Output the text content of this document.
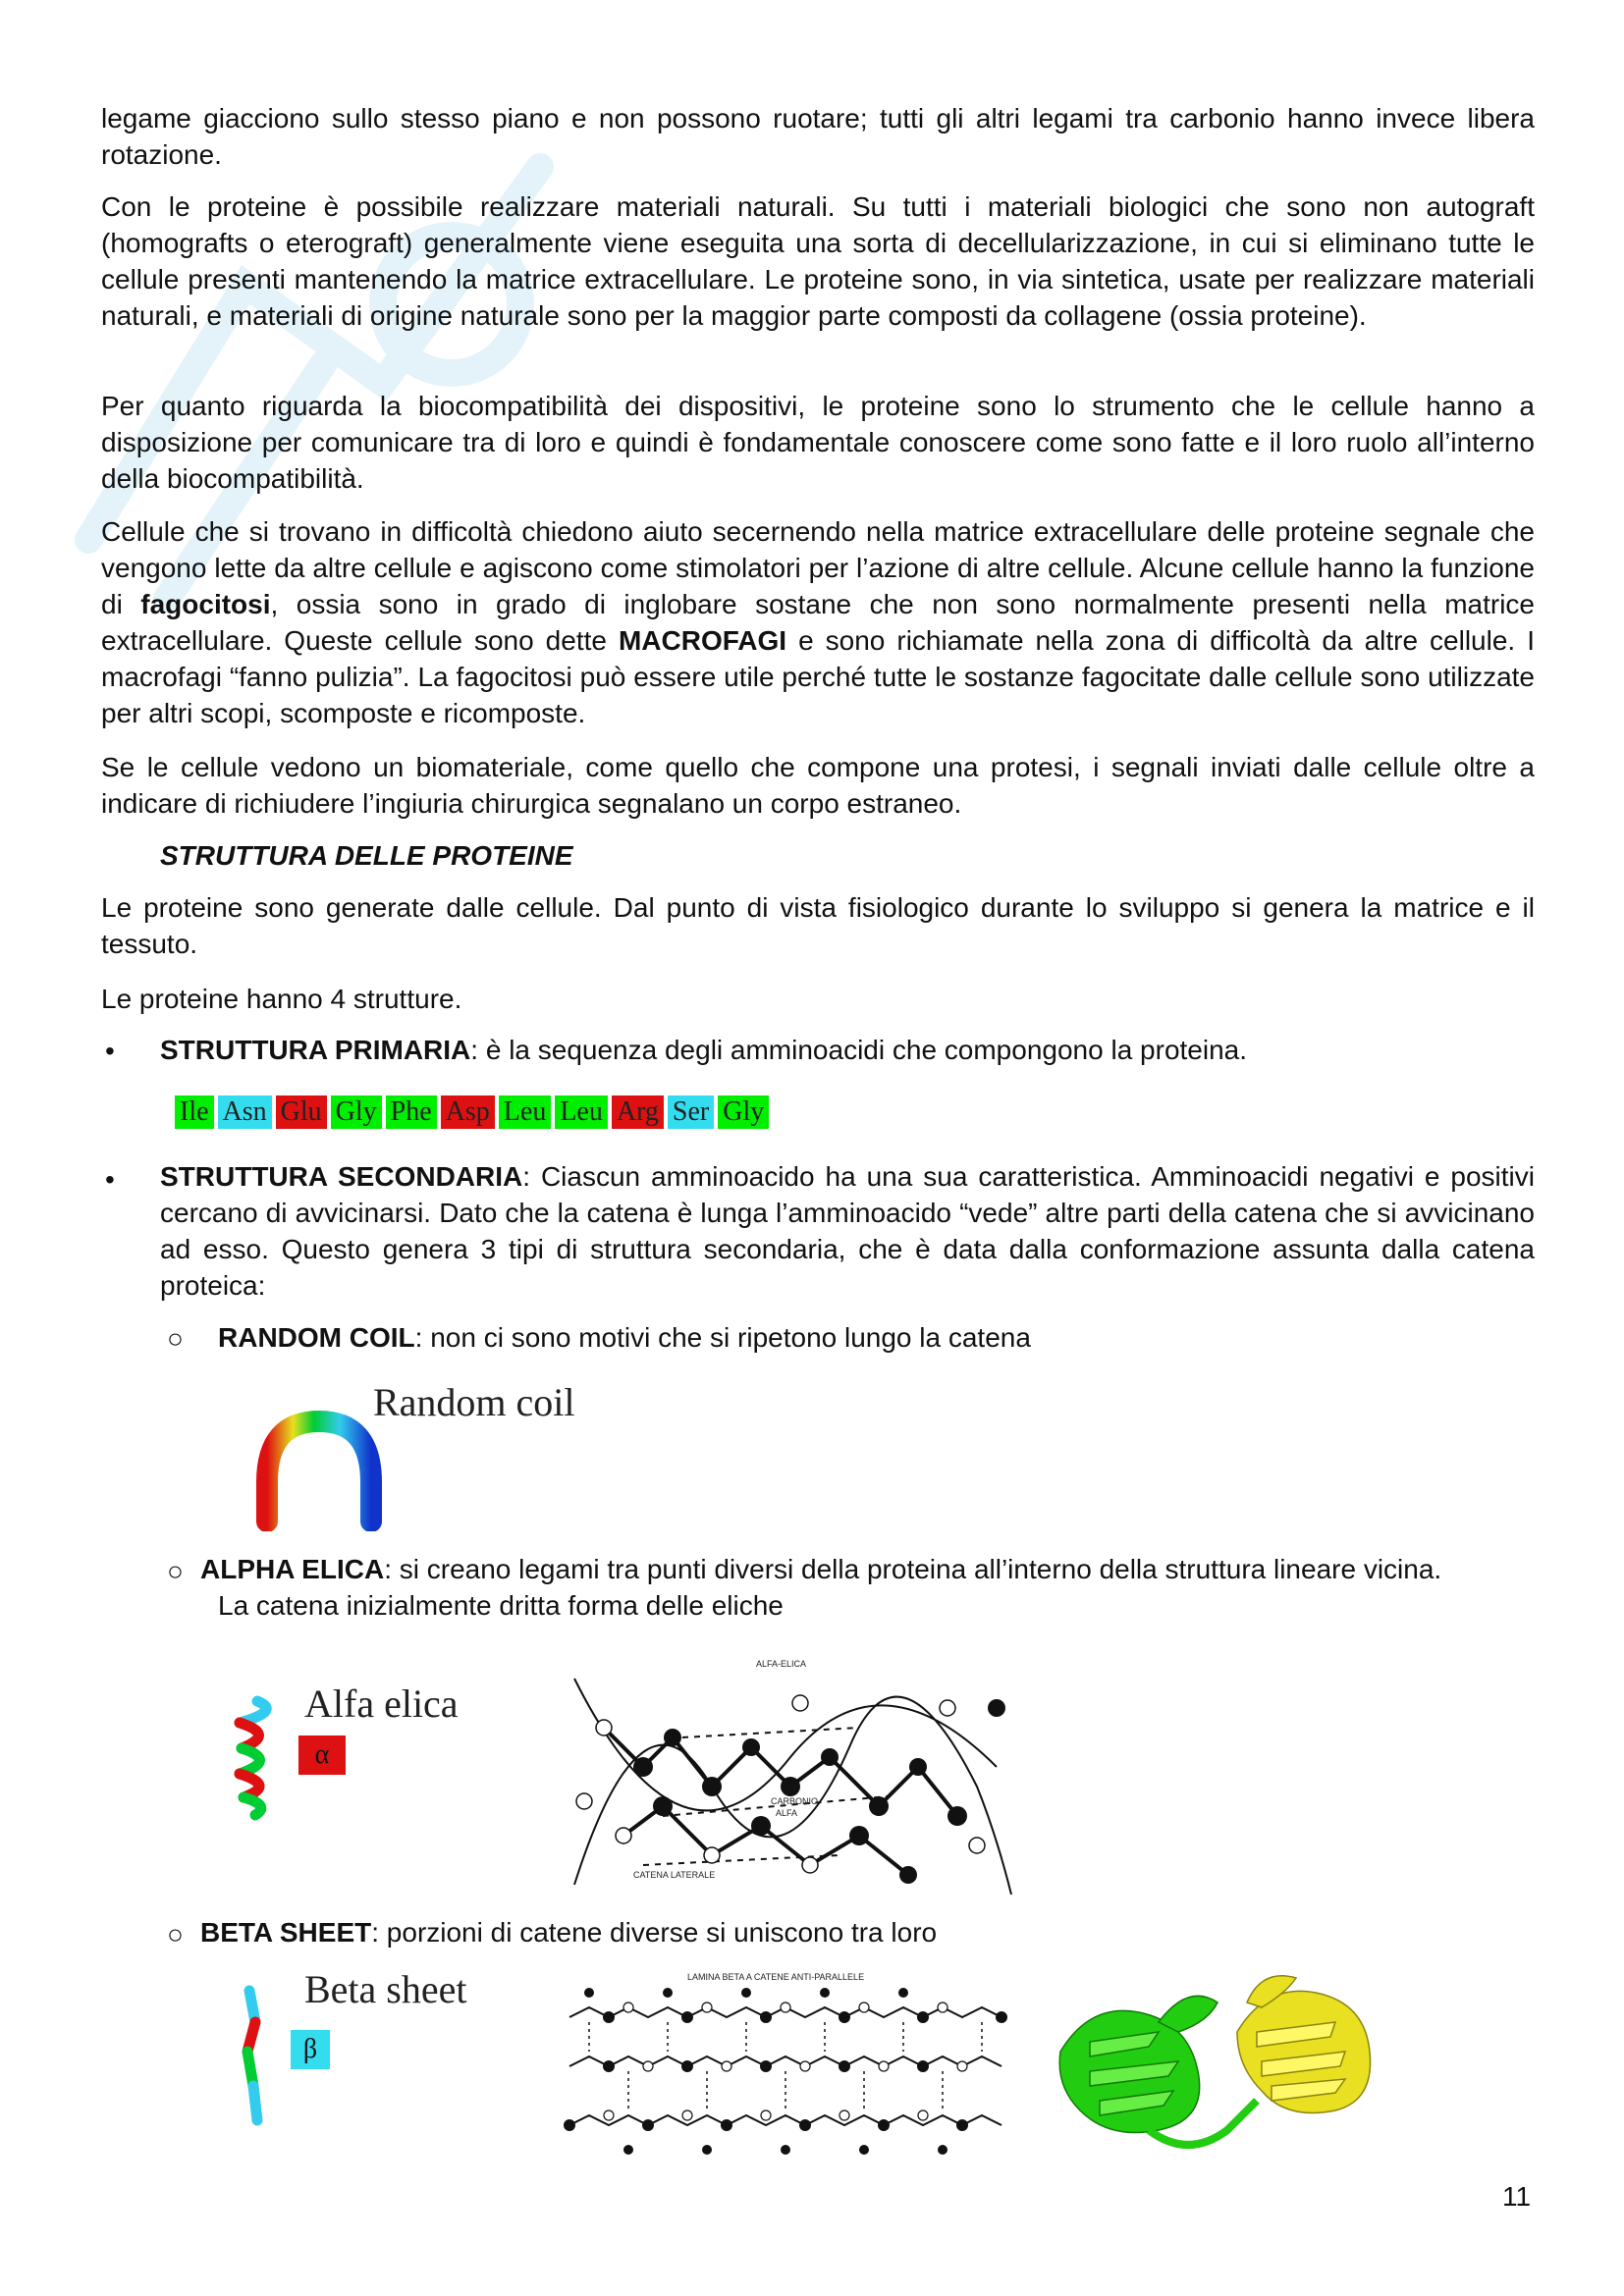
legame giacciono sullo stesso piano e non possono ruotare; tutti gli altri legami tra carbonio hanno invece libera rotazione.

Con le proteine è possibile realizzare materiali naturali. Su tutti i materiali biologici che sono non autograft (homografts o eterograft) generalmente viene eseguita una sorta di decellularizzazione, in cui si eliminano tutte le cellule presenti mantenendo la matrice extracellulare. Le proteine sono, in via sintetica, usate per realizzare materiali naturali, e materiali di origine naturale sono per la maggior parte composti da collagene (ossia proteine).

Per quanto riguarda la biocompatibilità dei dispositivi, le proteine sono lo strumento che le cellule hanno a disposizione per comunicare tra di loro e quindi è fondamentale conoscere come sono fatte e il loro ruolo all’interno della biocompatibilità.

Cellule che si trovano in difficoltà chiedono aiuto secernendo nella matrice extracellulare delle proteine segnale che vengono lette da altre cellule e agiscono come stimolatori per l’azione di altre cellule. Alcune cellule hanno la funzione di fagocitosi, ossia sono in grado di inglobare sostane che non sono normalmente presenti nella matrice extracellulare. Queste cellule sono dette MACROFAGI e sono richiamate nella zona di difficoltà da altre cellule. I macrofagi “fanno pulizia”. La fagocitosi può essere utile perché tutte le sostanze fagocitate dalle cellule sono utilizzate per altri scopi, scomposte e ricomposte.

Se le cellule vedono un biomateriale, come quello che compone una protesi, i segnali inviati dalle cellule oltre a indicare di richiudere l’ingiuria chirurgica segnalano un corpo estraneo.

STRUTTURA DELLE PROTEINE

Le proteine sono generate dalle cellule. Dal punto di vista fisiologico durante lo sviluppo si genera la matrice e il tessuto.

Le proteine hanno 4 strutture.

• STRUTTURA PRIMARIA: è la sequenza degli amminoacidi che compongono la proteina.

Ile Asn Glu Gly Phe Asp Leu Leu Arg Ser Gly
• STRUTTURA SECONDARIA: Ciascun amminoacido ha una sua caratteristica. Amminoacidi negativi e positivi cercano di avvicinarsi. Dato che la catena è lunga l’amminoacido “vede” altre parti della catena che si avvicinano ad esso. Questo genera 3 tipi di struttura secondaria, che è data dalla conformazione assunta dalla catena proteica:

○ RANDOM COIL: non ci sono motivi che si ripetono lungo la catena

Random coil
○ ALPHA ELICA: si creano legami tra punti diversi della proteina all’interno della struttura lineare vicina.

La catena inizialmente dritta forma delle eliche

Alfa elica
α
ALFA-ELICA
CARBONIO
ALFA
CATENA LATERALE
○ BETA SHEET: porzioni di catene diverse si uniscono tra loro

Beta sheet
β
LAMINA BETA A CATENE ANTI-PARALLELE
11
